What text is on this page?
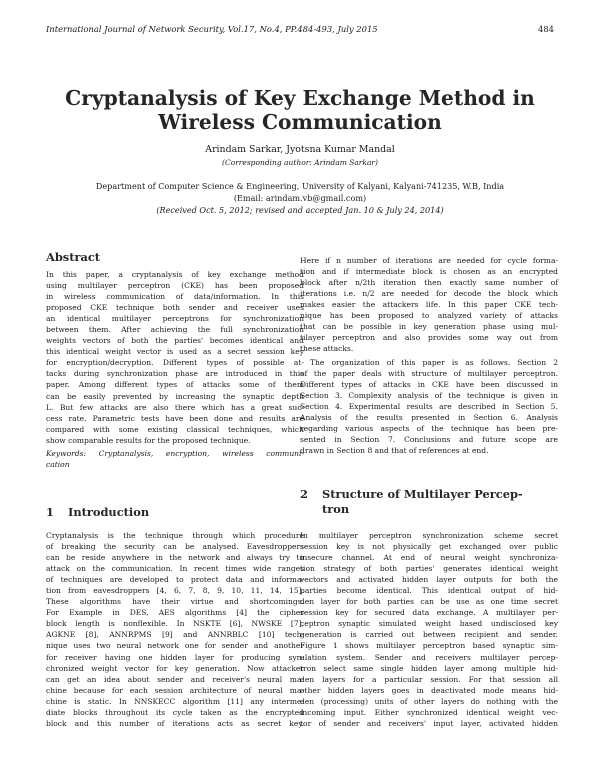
International Journal of Network Security, Vol.17, No.4, PP.484-493, July 2015	484
Cryptanalysis of Key Exchange Method in
Wireless Communication
Arindam Sarkar, Jyotsna Kumar Mandal
(Corresponding author: Arindam Sarkar)
Department of Computer Science & Engineering, University of Kalyani, Kalyani-741235, W.B, India
(Email: arindam.vb@gmail.com)
(Received Oct. 5, 2012; revised and accepted Jan. 10 & July 24, 2014)
Abstract
In this paper, a cryptanalysis of key exchange method
using multilayer perceptron (CKE) has been proposed
in wireless communication of data/information. In this
proposed CKE technique both sender and receiver uses
an identical multilayer perceptrons for synchronization
between them. After achieving the full synchronization
weights vectors of both the parties' becomes identical and
this identical weight vector is used as a secret session key
for encryption/decryption. Different types of possible at-
tacks during synchronization phase are introduced in this
paper. Among different types of attacks some of them
can be easily prevented by increasing the synaptic depth
L. But few attacks are also there which has a great suc-
cess rate. Parametric tests have been done and results are
compared with some existing classical techniques, which
show comparable results for the proposed technique.
Keywords: Cryptanalysis, encryption, wireless communi-
cation
1 Introduction
Cryptanalysis is the technique through which procedure
of breaking the security can be analysed. Eavesdroppers
can be reside anywhere in the network and always try to
attack on the communication. In recent times wide ranges
of techniques are developed to protect data and informa-
tion from eavesdroppers [4, 6, 7, 8, 9, 10, 11, 14, 15].
These algorithms have their virtue and shortcomings.
For Example in DES, AES algorithms [4] the cipher
block length is nonflexible. In NSKTE [6], NWSKE [7],
AGKNE [8], ANNRPMS [9] and ANNRBLC [10] tech-
nique uses two neural network one for sender and another
for receiver having one hidden layer for producing syn-
chronized weight vector for key generation. Now attacker
can get an idea about sender and receiver's neural ma-
chine because for each session architecture of neural ma-
chine is static. In NNSKECC algorithm [11] any interme-
diate blocks throughout its cycle taken as the encrypted
block and this number of iterations acts as secret key.
Here if n number of iterations are needed for cycle forma-
tion and if intermediate block is chosen as an encrypted
block after n/2th iteration then exactly same number of
iterations i.e. n/2 are needed for decode the block which
makes easier the attackers life. In this paper CKE tech-
nique has been proposed to analyzed variety of attacks
that can be possible in key generation phase using mul-
tilayer perceptron and also provides some way out from
these attacks.
The organization of this paper is as follows. Section 2
of the paper deals with structure of multilayer perceptron.
Different types of attacks in CKE have been discussed in
Section 3. Complexity analysis of the technique is given in
Section 4. Experimental results are described in Section 5.
Analysis of the results presented in Section 6. Analysis
regarding various aspects of the technique has been pre-
sented in Section 7. Conclusions and future scope are
drawn in Section 8 and that of references at end.
2 Structure of Multilayer Percep-
tron
In multilayer perceptron synchronization scheme secret
session key is not physically get exchanged over public
insecure channel. At end of neural weight synchroniza-
tion strategy of both parties' generates identical weight
vectors and activated hidden layer outputs for both the
parties become identical. This identical output of hid-
den layer for both parties can be use as one time secret
session key for secured data exchange. A multilayer per-
ceptron synaptic simulated weight based undisclosed key
generation is carried out between recipient and sender.
Figure 1 shows multilayer perceptron based synaptic sim-
ulation system. Sender and receivers multilayer percep-
tron select same single hidden layer among multiple hid-
den layers for a particular session. For that session all
other hidden layers goes in deactivated mode means hid-
den (processing) units of other layers do nothing with the
incoming input. Either synchronized identical weight vec-
tor of sender and receivers' input layer, activated hidden
